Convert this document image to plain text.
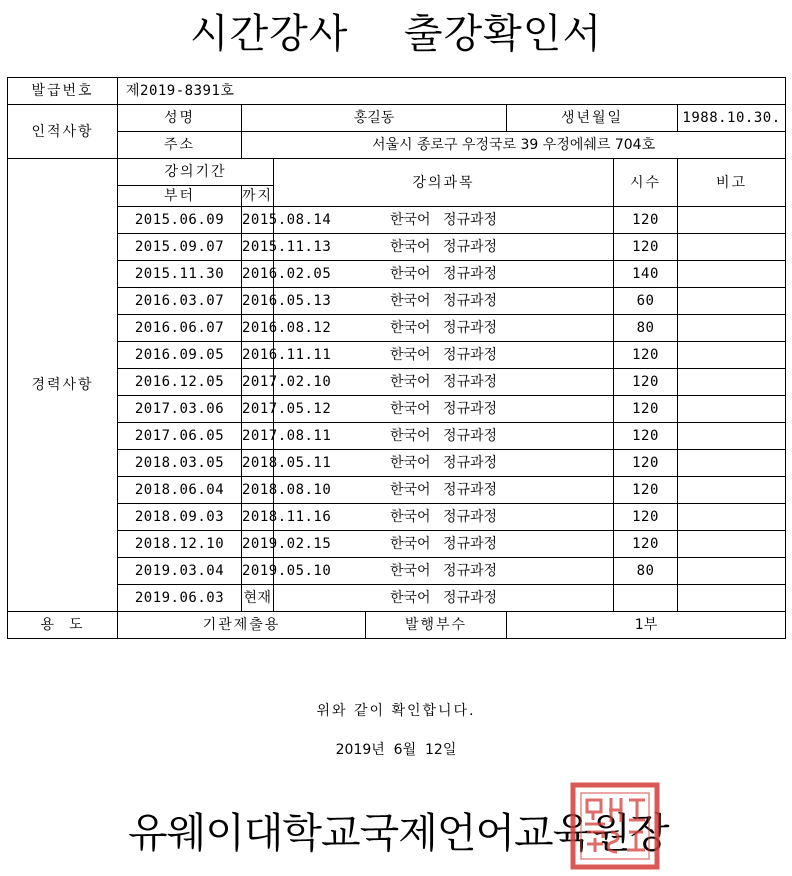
시간강사  출강확인서
발급번호	제2019-8391호						
인적사항	성명	홍길동			생년월일		1988.10.30.
	주소	서울시 종로구 우정국로 39 우정에쉐르 704호					
경력사항	강의기간		강의과목			시수	비고
	부터	까지					
	2015.06.09	2015.08.14	한국어 정규과정			120	
	2015.09.07	2015.11.13	한국어 정규과정			120	
	2015.11.30	2016.02.05	한국어 정규과정			140	
	2016.03.07	2016.05.13	한국어 정규과정			60	
	2016.06.07	2016.08.12	한국어 정규과정			80	
	2016.09.05	2016.11.11	한국어 정규과정			120	
	2016.12.05	2017.02.10	한국어 정규과정			120	
	2017.03.06	2017.05.12	한국어 정규과정			120	
	2017.06.05	2017.08.11	한국어 정규과정			120	
	2018.03.05	2018.05.11	한국어 정규과정			120	
	2018.06.04	2018.08.10	한국어 정규과정			120	
	2018.09.03	2018.11.16	한국어 정규과정			120	
	2018.12.10	2019.02.15	한국어 정규과정			120	
	2019.03.04	2019.05.10	한국어 정규과정			80	
	2019.06.03	현재	한국어 정규과정				
용  도	기관제출용			발행부수	1부		
위와 같이 확인합니다.
2019년  6월  12일
유웨이대학교국제언어교육원장
